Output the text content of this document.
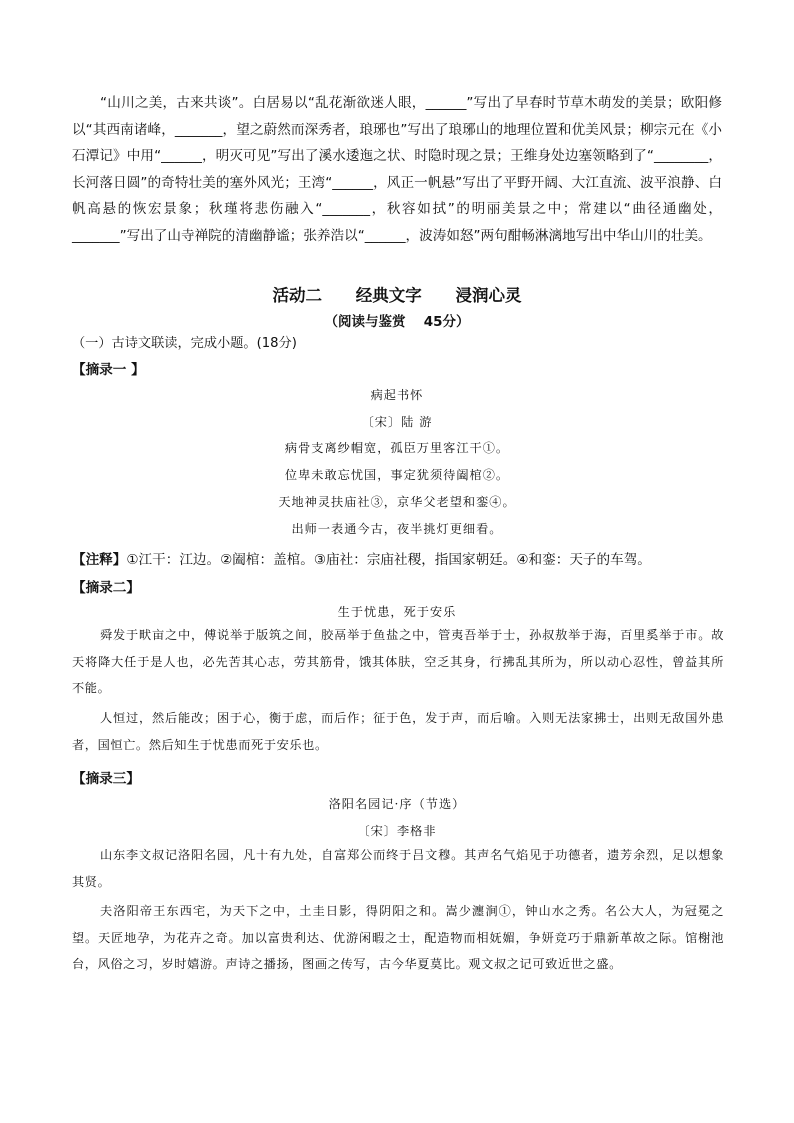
“山川之美，古来共谈”。白居易以“乱花渐欲迷人眼，______”写出了早春时节草木萌发的美景；欧阳修以“其西南诸峰，_______，望之蔚然而深秀者，琅琊也”写出了琅琊山的地理位置和优美风景；柳宗元在《小石潭记》中用“______，明灭可见”写出了溪水逶迤之状、时隐时现之景；王维身处边塞领略到了“________，长河落日圆”的奇特壮美的塞外风光；王湾“______，风正一帆悬”写出了平野开阔、大江直流、波平浪静、白帆高悬的恢宏景象；秋瑾将悲伤融入“_______，秋容如拭”的明丽美景之中；常建以“曲径通幽处，_______”写出了山寺禅院的清幽静谧；张养浩以“______，波涛如怒”两句酣畅淋漓地写出中华山川的壮美。
活动二 经典文字 浸润心灵
（阅读与鉴赏　 45分）
（一）古诗文联读，完成小题。(18分)
【摘录一 】
病起书怀
〔宋〕陆 游
病骨支离纱帽宽，孤臣万里客江干①。
位卑未敢忘忧国，事定犹须待阖棺②。
天地神灵扶庙社③，京华父老望和銮④。
出师一表通今古，夜半挑灯更细看。
【注释】①江干：江边。②阖棺：盖棺。③庙社：宗庙社稷，指国家朝廷。④和銮：天子的车驾。
【摘录二】
生于忧患，死于安乐
舜发于畎亩之中，傅说举于版筑之间，胶鬲举于鱼盐之中，管夷吾举于士，孙叔敖举于海，百里奚举于市。故天将降大任于是人也，必先苦其心志，劳其筋骨，饿其体肤，空乏其身，行拂乱其所为，所以动心忍性，曾益其所不能。
人恒过，然后能改；困于心，衡于虑，而后作；征于色，发于声，而后喻。入则无法家拂士，出则无敌国外患者，国恒亡。然后知生于忧患而死于安乐也。
【摘录三】
洛阳名园记·序（节选）
〔宋〕李格非
山东李文叔记洛阳名园，凡十有九处，自富郑公而终于吕文穆。其声名气焰见于功德者，遗芳余烈，足以想象其贤。
夫洛阳帝王东西宅，为天下之中，土圭日影，得阴阳之和。嵩少瀍涧①，钟山水之秀。名公大人，为冠冕之望。天匠地孕，为花卉之奇。加以富贵利达、优游闲暇之士，配造物而相妩媚，争妍竞巧于鼎新革故之际。馆榭池台，风俗之习，岁时嬉游。声诗之播扬，图画之传写，古今华夏莫比。观文叔之记可致近世之盛。
